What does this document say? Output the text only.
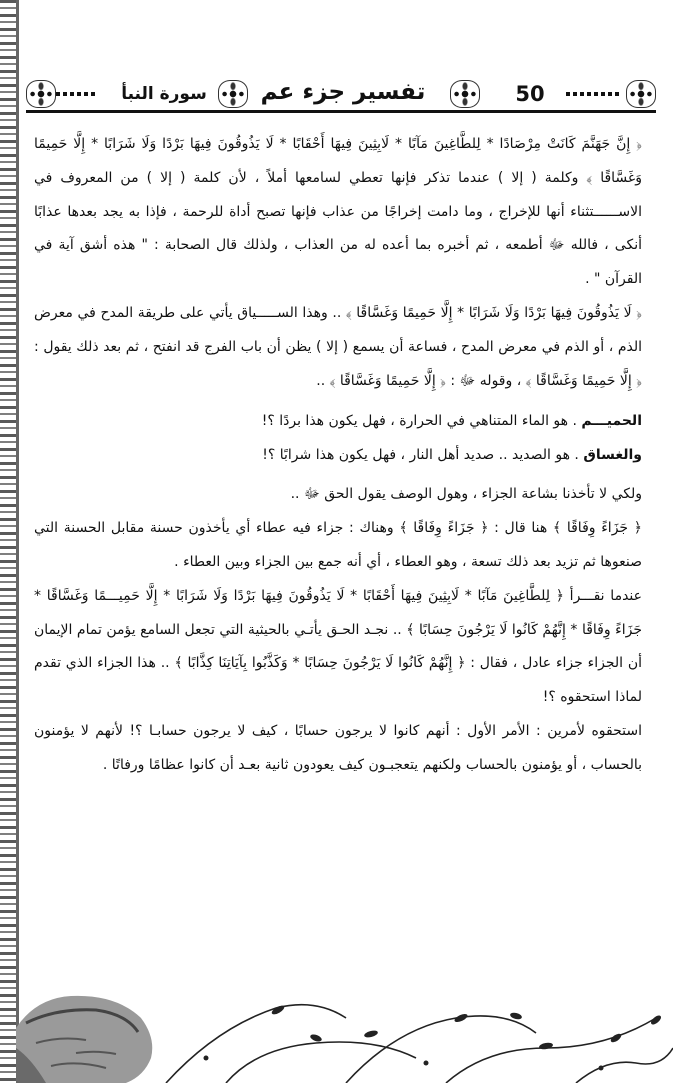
سورة النبأ	تفسير جزء عم	50

﴿ إِنَّ جَهَنَّمَ كَانَتْ مِرْصَادًا * لِلطَّاغِينَ مَآبًا * لَابِثِينَ فِيهَا أَحْقَابًا * لَا يَذُوقُونَ فِيهَا بَرْدًا وَلَا شَرَابًا * إِلَّا حَمِيمًا وَغَسَّاقًا ﴾ وكلمة ( إلا ) عندما تذكر فإنها تعطي لسامعها أملاً ، لأن كلمة ( إلا ) من المعروف في الاســــــتثناء أنها للإخراج ، وما دامت إخراجًا من عذاب فإنها تصبح أداة للرحمة ، فإذا به يجد بعدها عذابًا أنكى ، فالله ﷻ أطمعه ، ثم أخبره بما أعده له من العذاب ، ولذلك قال الصحابة : " هذه أشق آية في القرآن " .

﴿ لَا يَذُوقُونَ فِيهَا بَرْدًا وَلَا شَرَابًا * إِلَّا حَمِيمًا وَغَسَّاقًا ﴾ .. وهذا الســـــياق يأتي على طريقة المدح في معرض الذم ، أو الذم في معرض المدح ، فساعة أن يسمع ( إلا ) يظن أن باب الفرج قد انفتح ، ثم بعد ذلك يقول : ﴿ إِلَّا حَمِيمًا وَغَسَّاقًا ﴾ ، وقوله ﷻ : ﴿ إِلَّا حَمِيمًا وَغَسَّاقًا ﴾ ..

الحميـــم . هو الماء المتناهي في الحرارة ، فهل يكون هذا بردًا ؟!
والغساق . هو الصديد .. صديد أهل النار ، فهل يكون هذا شرابًا ؟!

ولكي لا تأخذنا بشاعة الجزاء ، وهول الوصف يقول الحق ﷻ ..

﴿ جَزَاءً وِفَاقًا ﴾ هنا قال : ﴿ جَزَاءً وِفَاقًا ﴾ وهناك : جزاء فيه عطاء أي يأخذون حسنة مقابل الحسنة التي صنعوها ثم تزيد بعد ذلك تسعة ، وهو العطاء ، أي أنه جمع بين الجزاء وبين العطاء .

عندما نقـــرأ ﴿ لِلطَّاغِينَ مَآبًا * لَابِثِينَ فِيهَا أَحْقَابًا * لَا يَذُوقُونَ فِيهَا بَرْدًا وَلَا شَرَابًا * إِلَّا حَمِيـــمًا وَغَسَّاقًا * جَزَاءً وِفَاقًا * إِنَّهُمْ كَانُوا لَا يَرْجُونَ حِسَابًا ﴾ .. نجـد الحـق يأتـي بالحيثية التي تجعل السامع يؤمن تمام الإيمان أن الجزاء جزاء عادل ، فقال : ﴿ إِنَّهُمْ كَانُوا لَا يَرْجُونَ حِسَابًا * وَكَذَّبُوا بِآيَاتِنَا كِذَّابًا ﴾ .. هذا الجزاء الذي تقدم لماذا استحقوه ؟!

استحقوه لأمرين : الأمر الأول : أنهم كانوا لا يرجون حسابًا ، كيف لا يرجون حسابـا ؟! لأنهم لا يؤمنون بالحساب ، أو يؤمنون بالحساب ولكنهم يتعجبـون كيف يعودون ثانية بعـد أن كانوا عظامًا ورفاتًا .
